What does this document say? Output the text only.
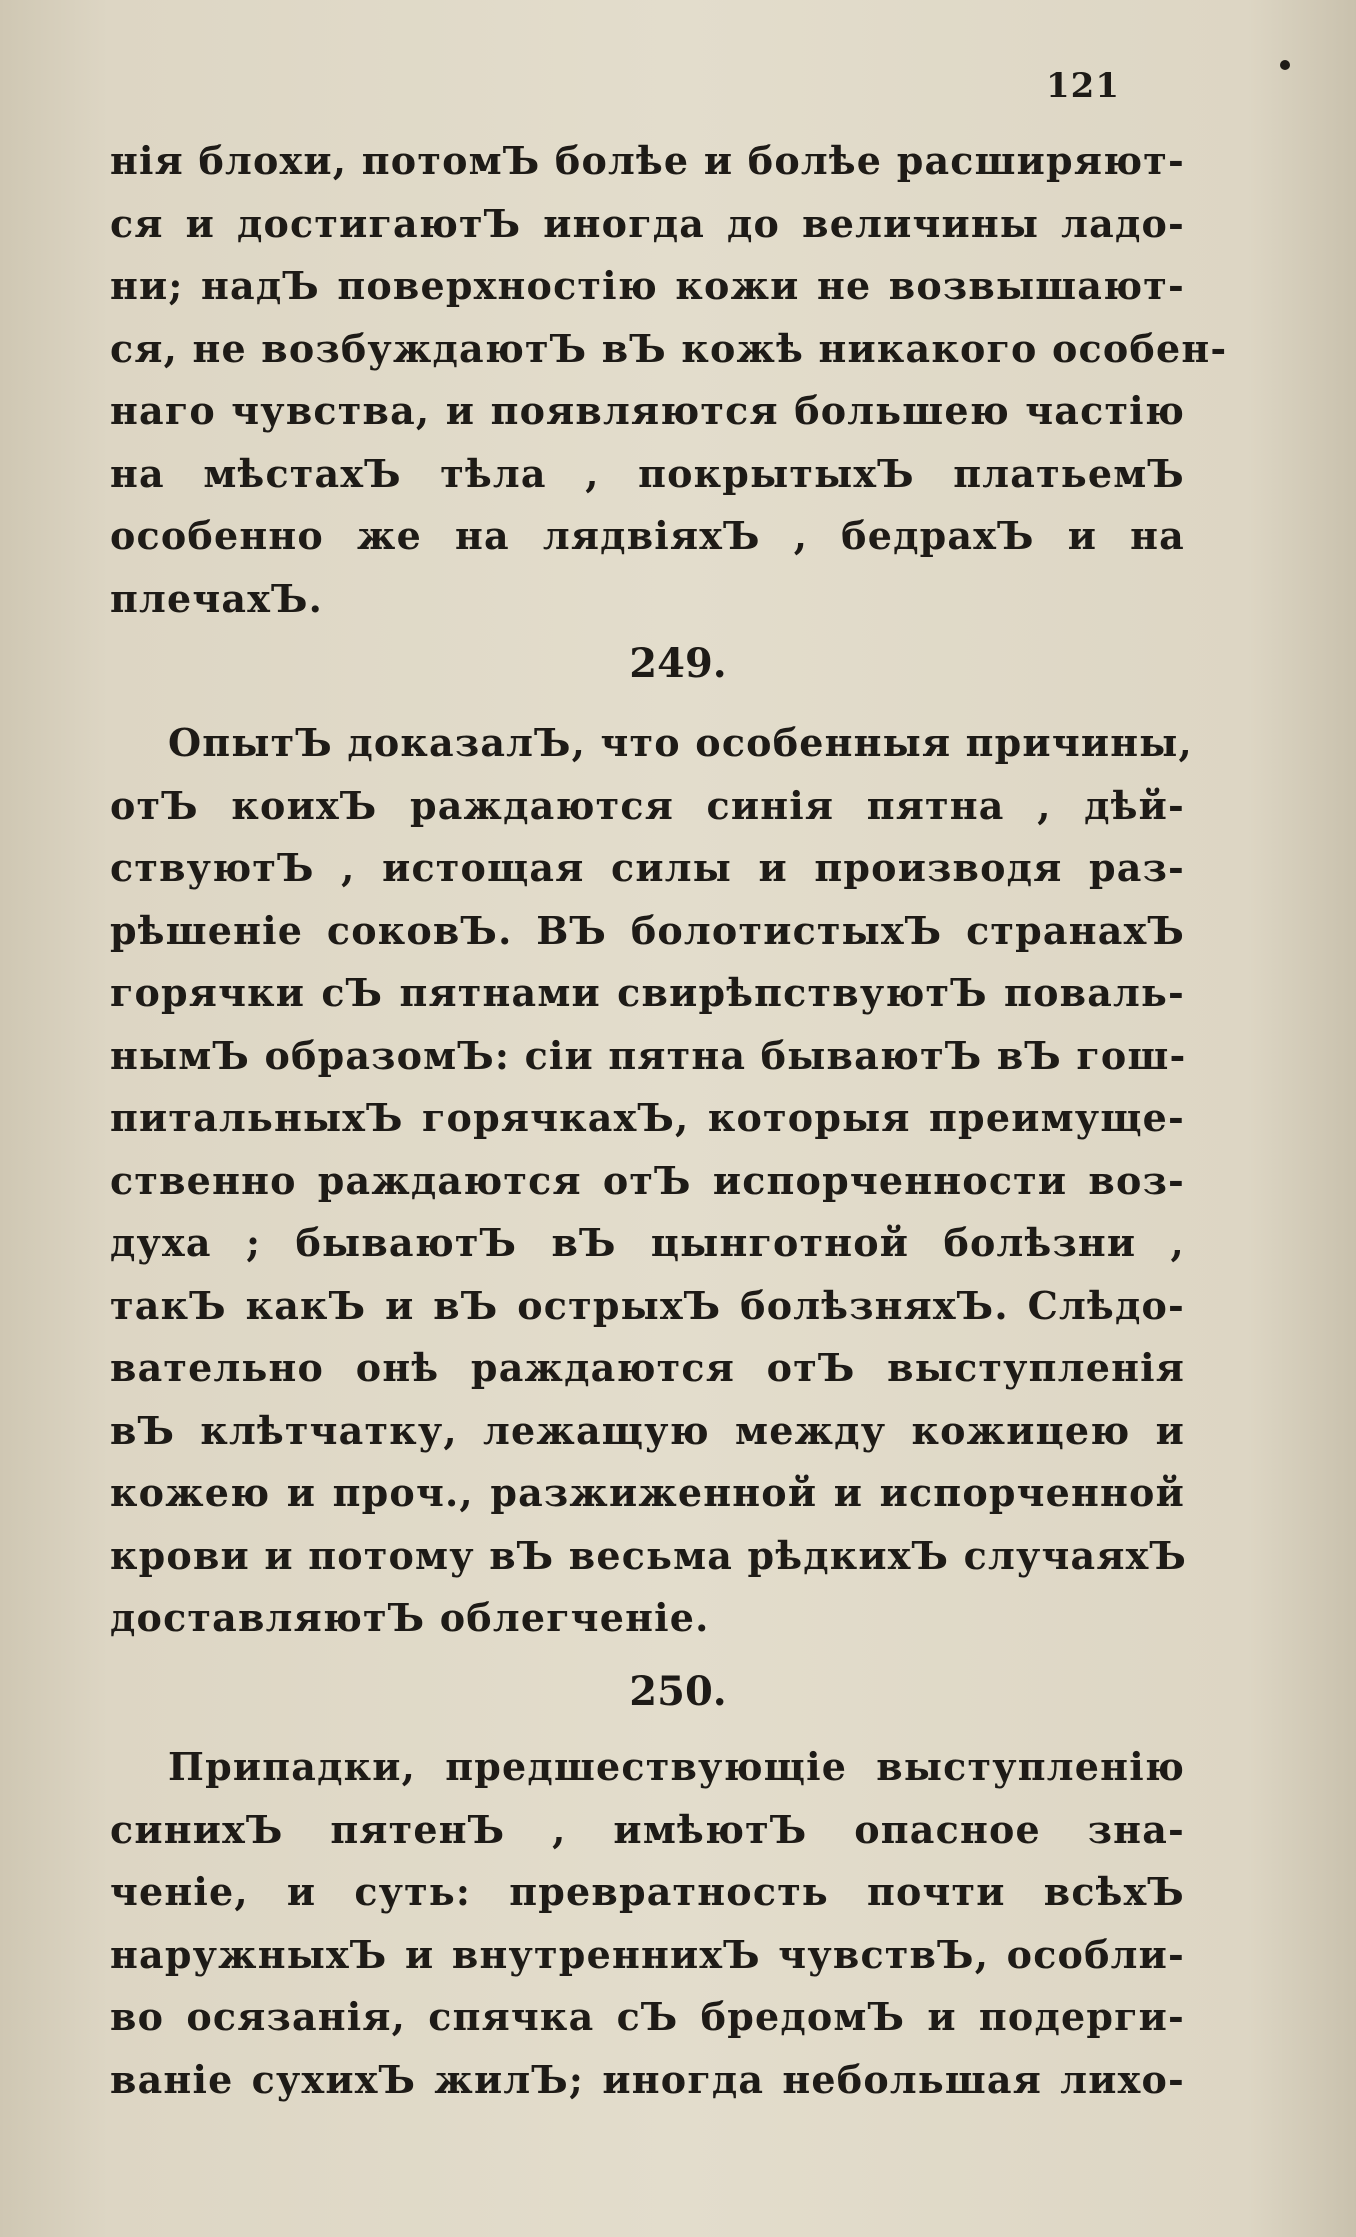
121
нія блохи, потомЪ болѣе и болѣе расширяют-
ся и достигаютЪ иногда до величины ладо-
ни; надЪ поверхностію кожи не возвышают-
ся, не возбуждаютЪ вЪ кожѣ никакого особен-
наго чувства, и появляются большею частію
на мѣстахЪ тѣла , покрытыхЪ платьемЪ
особенно же на лядвіяхЪ , бедрахЪ и на
плечахЪ.
249.
ОпытЪ доказалЪ, что особенныя причины,
отЪ коихЪ раждаются синія пятна , дѣй-
ствуютЪ , истощая силы и производя раз-
рѣшеніе соковЪ. ВЪ болотистыхЪ странахЪ
горячки сЪ пятнами свирѣпствуютЪ поваль-
нымЪ образомЪ: сіи пятна бываютЪ вЪ гош-
питальныхЪ горячкахЪ, которыя преимуще-
ственно раждаются отЪ испорченности воз-
духа ; бываютЪ вЪ цынготной болѣзни ,
такЪ какЪ и вЪ острыхЪ болѣзняхЪ. Слѣдо-
вательно онѣ раждаются отЪ выступленія
вЪ клѣтчатку, лежащую между кожицею и
кожею и проч., разжиженной и испорченной
крови и потому вЪ весьма рѣдкихЪ случаяхЪ
доставляютЪ облегченіе.
250.
Припадки, предшествующіе выступленію
синихЪ пятенЪ , имѣютЪ опасное зна-
ченіе, и суть: превратность почти всѣхЪ
наружныхЪ и внутреннихЪ чувствЪ, особли-
во осязанія, спячка сЪ бредомЪ и подерги-
ваніе сухихЪ жилЪ; иногда небольшая лихо-
